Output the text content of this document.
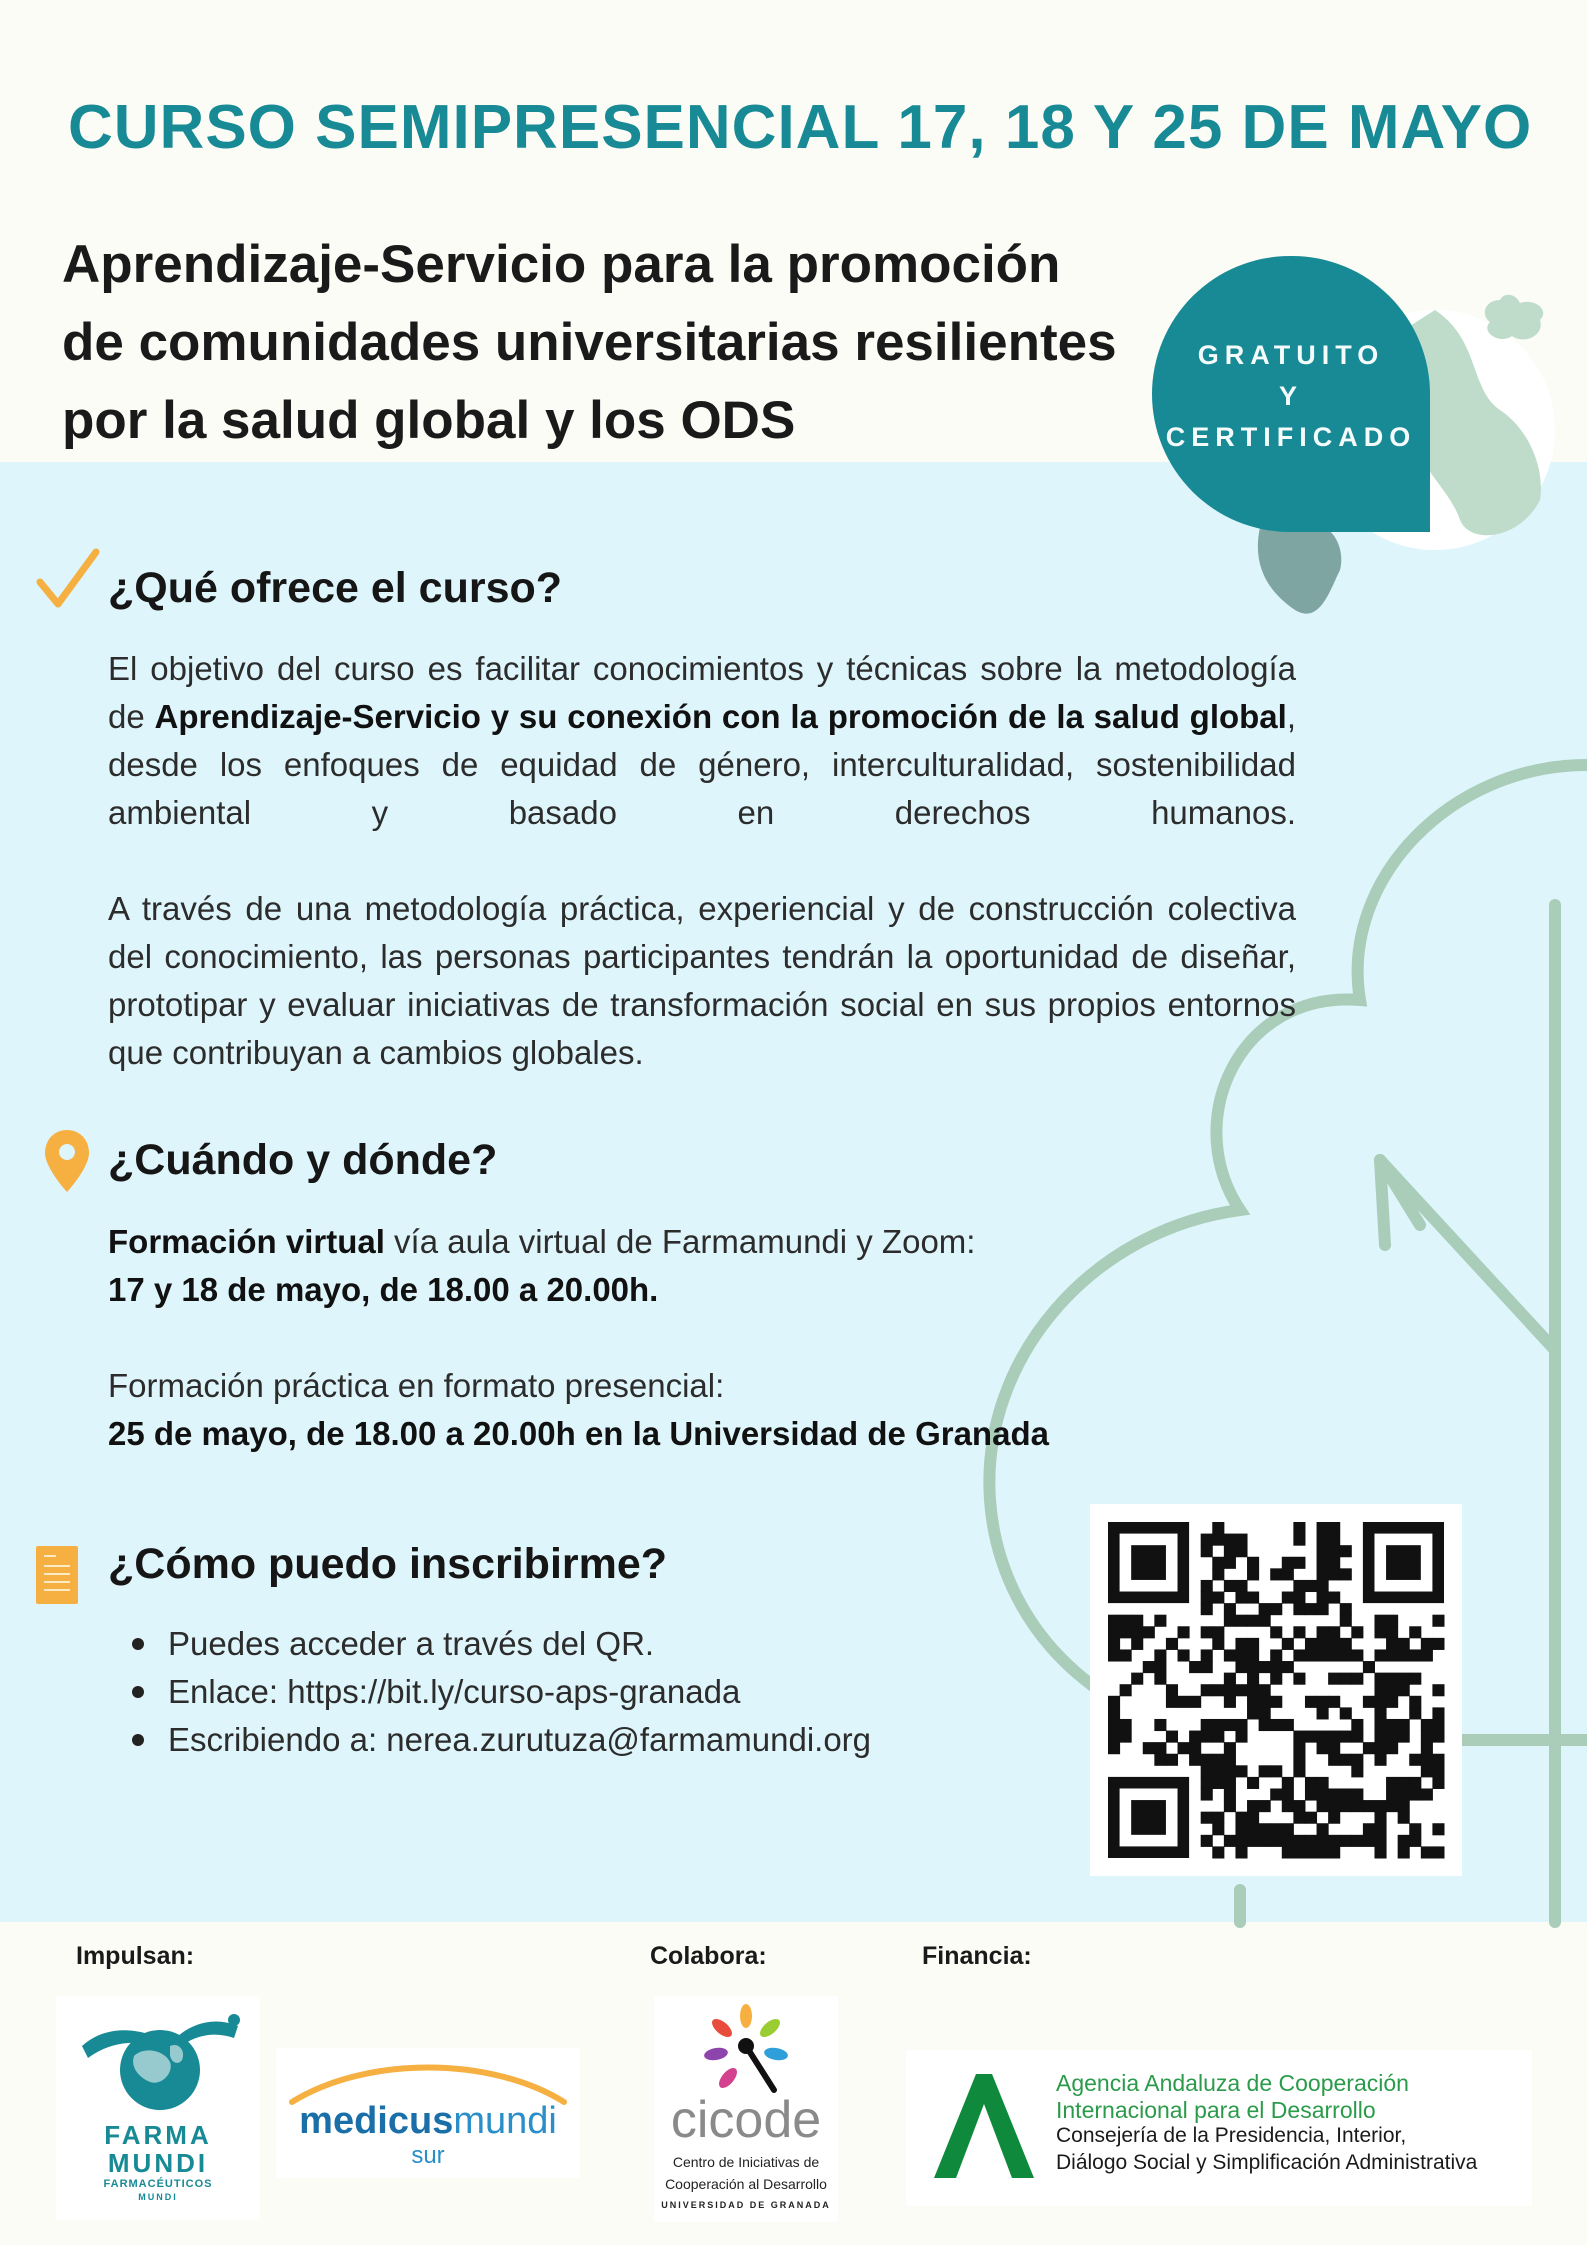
CURSO SEMIPRESENCIAL 17, 18 Y 25 DE MAYO
Aprendizaje-Servicio para la promoción
de comunidades universitarias resilientes
por la salud global y los ODS
GRATUITO
Y
CERTIFICADO
¿Qué ofrece el curso?
El objetivo del curso es facilitar conocimientos y técnicas sobre la metodología de Aprendizaje-Servicio y su conexión con la promoción de la salud global, desde los enfoques de equidad de género, interculturalidad, sostenibilidad ambiental y basado en derechos humanos.
A través de una metodología práctica, experiencial y de construcción colectiva del conocimiento, las personas participantes tendrán la oportunidad de diseñar, prototipar y evaluar iniciativas de transformación social en sus propios entornos que contribuyan a cambios globales.
¿Cuándo y dónde?
Formación virtual vía aula virtual de Farmamundi y Zoom:
17 y 18 de mayo, de 18.00 a 20.00h.
Formación práctica en formato presencial:
25 de mayo, de 18.00 a 20.00h en la Universidad de Granada
¿Cómo puedo inscribirme?
Puedes acceder a través del QR.
Enlace: https://bit.ly/curso-aps-granada
Escribiendo a: nerea.zurutuza@farmamundi.org
Impulsan:	Colabora:	Financia:
FARMA
MUNDI
FARMACÉUTICOS
MUNDI
medicusmundi
sur
cicode
Centro de Iniciativas de
Cooperación al Desarrollo
UNIVERSIDAD DE GRANADA
Agencia Andaluza de Cooperación
Internacional para el Desarrollo
Consejería de la Presidencia, Interior,
Diálogo Social y Simplificación Administrativa
